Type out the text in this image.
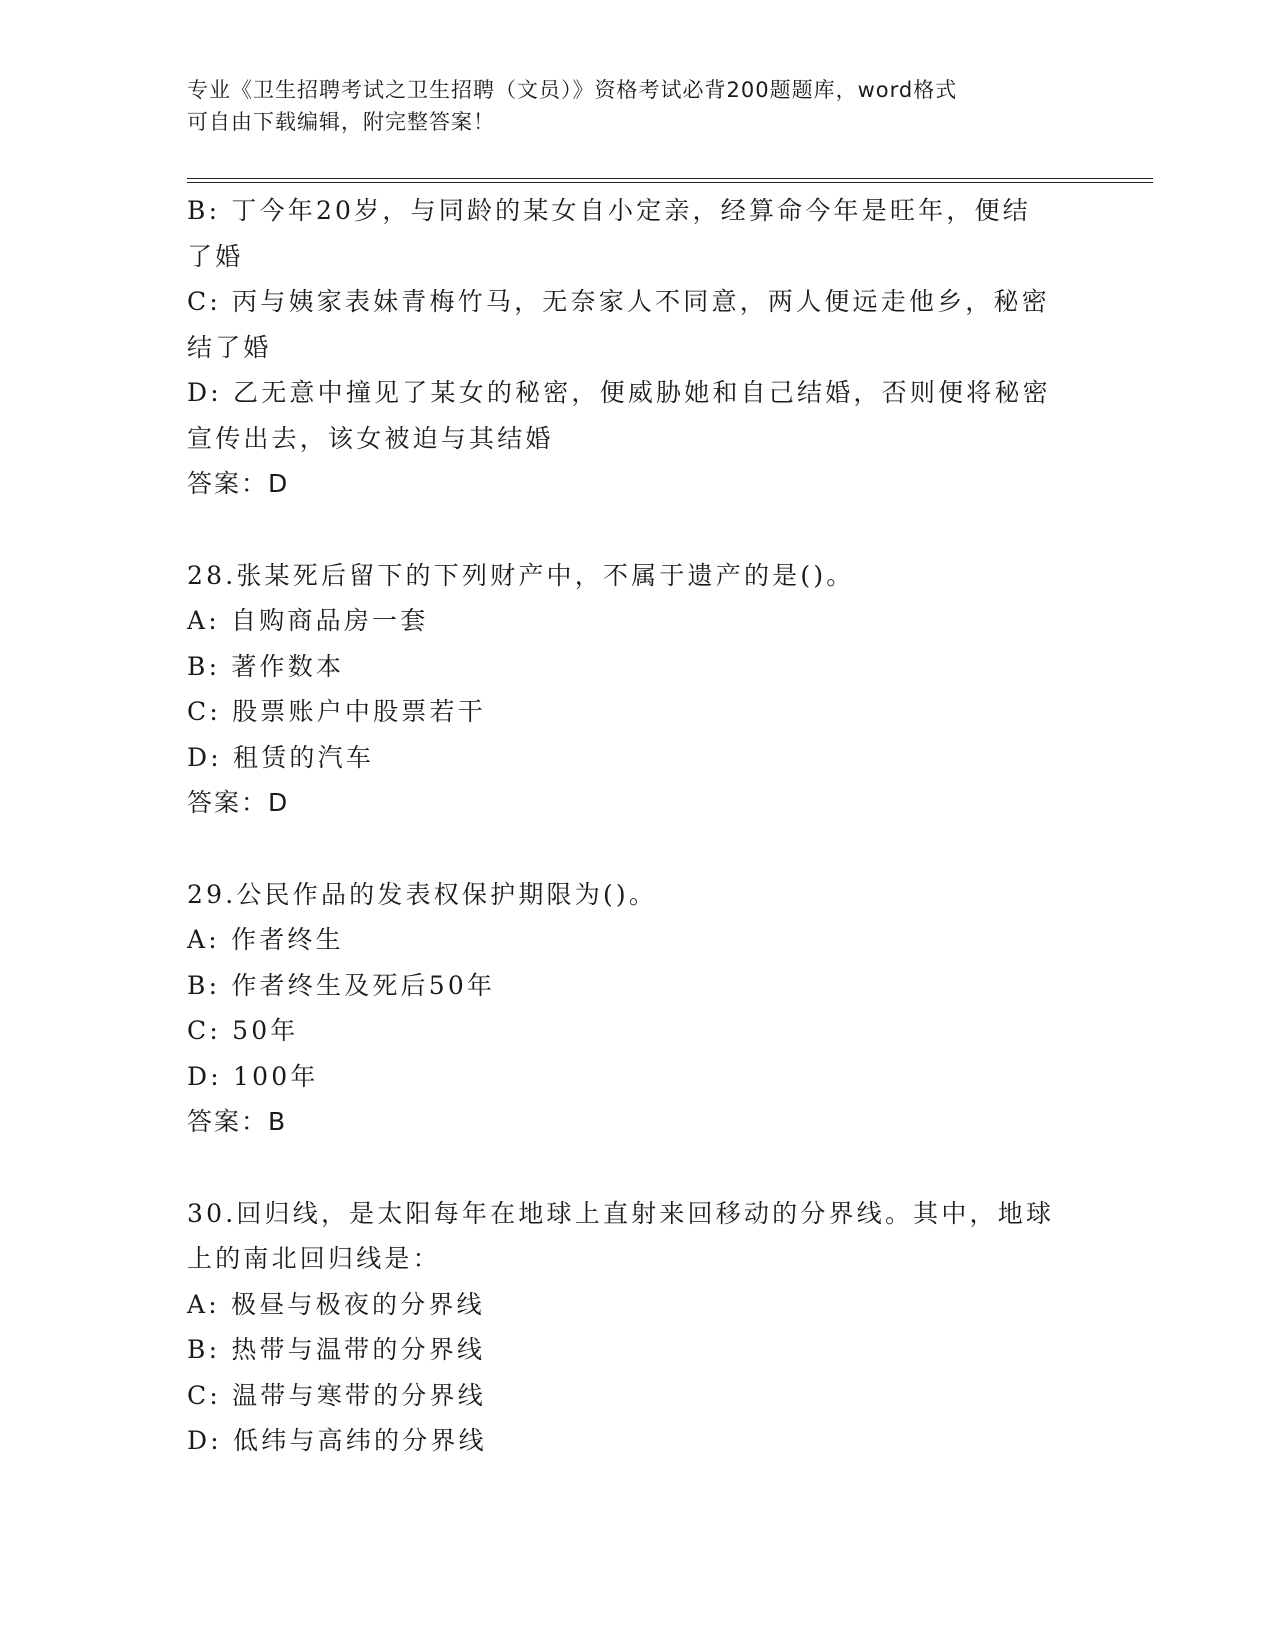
专业《卫生招聘考试之卫生招聘（文员）》资格考试必背200题题库，word格式
可自由下载编辑，附完整答案！
B: 丁今年20岁，与同龄的某女自小定亲，经算命今年是旺年，便结
了婚
C: 丙与姨家表妹青梅竹马，无奈家人不同意，两人便远走他乡，秘密
结了婚
D: 乙无意中撞见了某女的秘密，便威胁她和自己结婚，否则便将秘密
宣传出去，该女被迫与其结婚
答案：D
28.张某死后留下的下列财产中，不属于遗产的是()。
A: 自购商品房一套
B: 著作数本
C: 股票账户中股票若干
D: 租赁的汽车
答案：D
29.公民作品的发表权保护期限为()。
A: 作者终生
B: 作者终生及死后50年
C: 50年
D: 100年
答案：B
30.回归线，是太阳每年在地球上直射来回移动的分界线。其中，地球
上的南北回归线是：
A: 极昼与极夜的分界线
B: 热带与温带的分界线
C: 温带与寒带的分界线
D: 低纬与高纬的分界线
